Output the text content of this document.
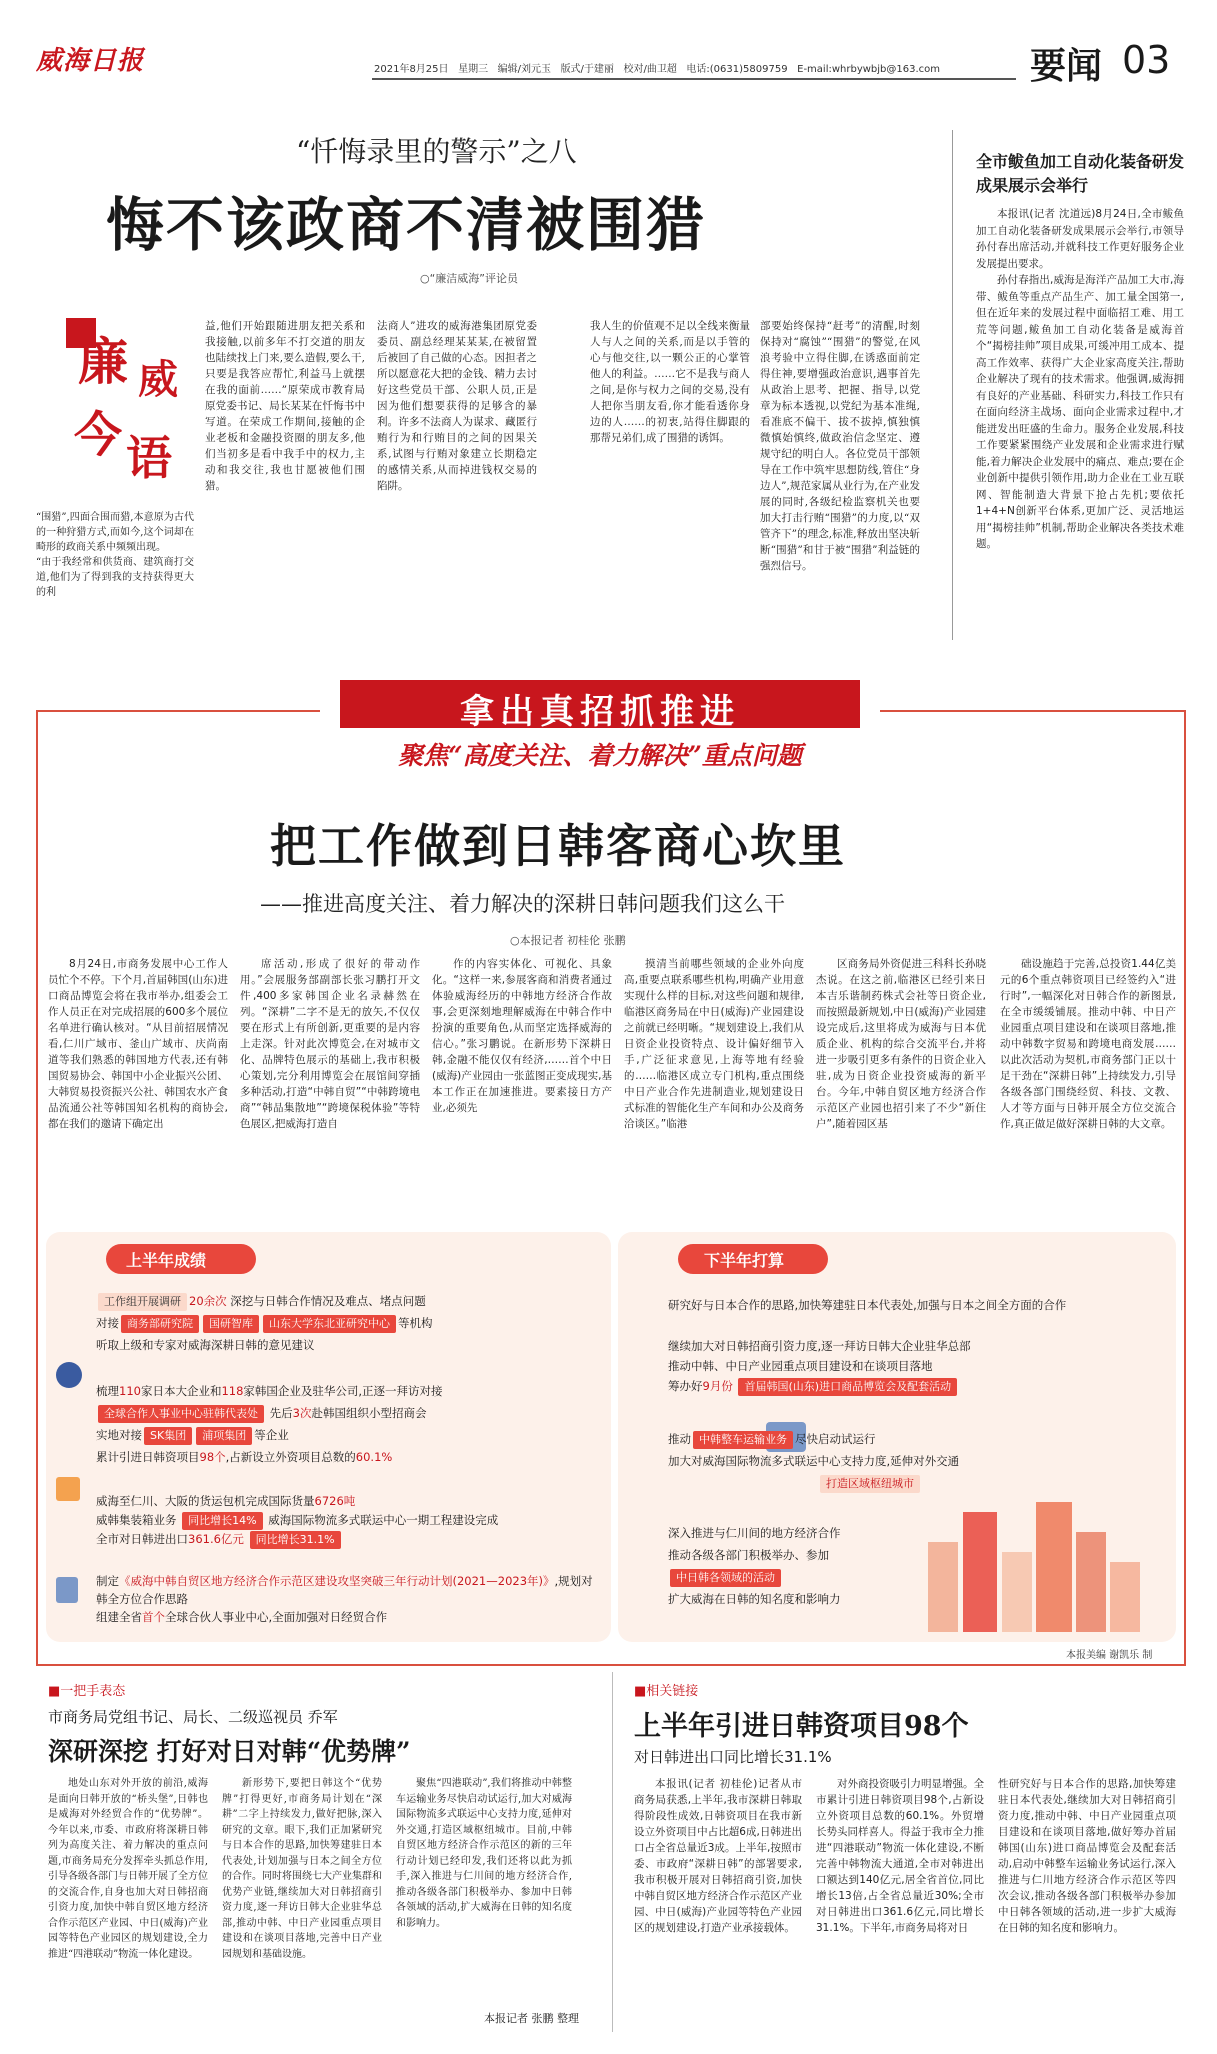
威海日报	2021年8月25日 星期三 编辑/刘元玉 版式/于建丽 校对/曲卫超 电话:(0631)5809759 E-mail:whrbywbjb@163.com 要闻 03
“忏悔录里的警示”之八
悔不该政商不清被围猎
○“廉洁威海”评论员
廉 威
今 语

“围猎”,四面合围而猎,本意原为古代的一种狩猎方式,而如今,这个词却在畸形的政商关系中频频出现。

“由于我经常和供货商、建筑商打交道,他们为了得到我的支持获得更大的利

益,他们开始跟随进朋友把关系和我接触,以前多年不打交道的朋友也陆续找上门来,要么造假,要么干,只要是我答应帮忙,利益马上就摆在我的面前……”原荣成市教育局原党委书记、局长某某在忏悔书中写道。在荣成工作期间,接触的企业老板和金融投资圈的朋友多,他们当初多是看中我手中的权力,主动和我交往,我也甘愿被他们围猎。
法商人”进攻的威海港集团原党委委员、副总经理某某某,在被留置后被回了自己做的心态。因担者之所以愿意花大把的金钱、精力去讨好这些党员干部、公职人员,正是因为他们想要获得的足够含的暴利。许多不法商人为谋求、藏匿行贿行为和行贿目的之间的因果关系,试图与行贿对象建立长期稳定的感情关系,从而掉进钱权交易的陷阱。
我人生的价值观不足以全线来衡量人与人之间的关系,而是以手管的心与他交往,以一颗公正的心掌管他人的利益。……它不是我与商人之间,是你与权力之间的交易,没有人把你当朋友看,你才能看透你身边的人……的初衷,站得住脚跟的那帮兄弟们,成了围猎的诱饵。
部要始终保持“赶考”的清醒,时刻保持对“腐蚀”“围猎”的警觉,在风浪考验中立得住脚,在诱惑面前定得住神,要增强政治意识,遇事首先从政治上思考、把握、指导,以党章为标本透视,以党纪为基本准绳,看准底不偏干、拔不拔掉,慎独慎微慎始慎终,做政治信念坚定、遵规守纪的明白人。各位党员干部领导在工作中筑牢思想防线,管住“身边人”,规范家属从业行为,在产业发展的同时,各级纪检监察机关也要加大打击行贿“围猎”的力度,以“双管齐下”的理念,标准,释放出坚决斩断“围猎”和甘于被“围猎”利益链的强烈信号。
全市鲅鱼加工自动化装备研发成果展示会举行

本报讯(记者 沈道远)8月24日,全市鲅鱼加工自动化装备研发成果展示会举行,市领导孙付春出席活动,并就科技工作更好服务企业发展提出要求。

孙付春指出,威海是海洋产品加工大市,海带、鲅鱼等重点产品生产、加工量全国第一,但在近年来的发展过程中面临招工难、用工荒等问题,鲅鱼加工自动化装备是威海首个“揭榜挂帅”项目成果,可缓冲用工成本、提高工作效率、获得广大企业家高度关注,帮助企业解决了现有的技术需求。他强调,威海拥有良好的产业基础、科研实力,科技工作只有在面向经济主战场、面向企业需求过程中,才能迸发出旺盛的生命力。服务企业发展,科技工作要紧紧围绕产业发展和企业需求进行赋能,着力解决企业发展中的痛点、难点;要在企业创新中提供引领作用,助力企业在工业互联网、智能制造大背景下抢占先机;要依托1+4+N创新平台体系,更加广泛、灵活地运用“揭榜挂帅”机制,帮助企业解决各类技术难题。

拿出真招抓推进
聚焦“高度关注、着力解决”重点问题
把工作做到日韩客商心坎里
——推进高度关注、着力解决的深耕日韩问题我们这么干
○本报记者 初桂伦 张鹏
8月24日,市商务发展中心工作人员忙个不停。下个月,首届韩国(山东)进口商品博览会将在我市举办,组委会工作人员正在对完成招展的600多个展位名单进行确认核对。“从目前招展情况看,仁川广域市、釜山广域市、庆尚南道等我们熟悉的韩国地方代表,还有韩国贸易协会、韩国中小企业振兴公团、大韩贸易投资振兴公社、韩国农水产食品流通公社等韩国知名机构的商协会,都在我们的邀请下确定出
席活动,形成了很好的带动作用。”会展服务部副部长张习鹏打开文件,400多家韩国企业名录赫然在列。“深耕”二字不是无的放矢,不仅仅要在形式上有所创新,更重要的是内容上走深。针对此次博览会,在对城市文化、品牌特色展示的基础上,我市积极心策划,完分利用博览会在展馆间穿插多种活动,打造“中韩自贸”“中韩跨境电商”“韩品集散地”“跨境保税体验”等特色展区,把威海打造自
作的内容实体化、可视化、具象化。“这样一来,参展客商和消费者通过体验威海经历的中韩地方经济合作故事,会更深刻地理解威海在中韩合作中扮演的重要角色,从而坚定选择威海的信心。”张习鹏说。在新形势下深耕日韩,金融不能仅仅有经济,……首个中日(威海)产业园由一张蓝图正变成现实,基本工作正在加速推进。要素接日方产业,必须先
摸清当前哪些领域的企业外向度高,重要点联系哪些机构,明确产业用意实现什么样的目标,对这些问题和规律,临港区商务局在中日(威海)产业园建设之前就已经明晰。“规划建设上,我们从日资企业投资特点、设计偏好细节入手,广泛征求意见,上海等地有经验的……临港区成立专门机构,重点围绕中日产业合作先进制造业,规划建设日式标准的智能化生产车间和办公及商务洽谈区。”临港
区商务局外资促进三科科长孙晓杰说。在这之前,临港区已经引来日本吉乐谐制药株式会社等日资企业,而按照最新规划,中日(威海)产业园建设完成后,这里将成为威海与日本优质企业、机构的综合交流平台,并将进一步吸引更多有条件的日资企业入驻,成为日资企业投资威海的新平台。今年,中韩自贸区地方经济合作示范区产业园也招引来了不少“新住户”,随着园区基
础设施趋于完善,总投资1.44亿美元的6个重点韩资项目已经签约入“进行时”,一幅深化对日韩合作的新图景,在全市缓缓铺展。推动中韩、中日产业园重点项目建设和在谈项目落地,推动中韩数字贸易和跨境电商发展……以此次活动为契机,市商务部门正以十足干劲在“深耕日韩”上持续发力,引导各级各部门围绕经贸、科技、文教、人才等方面与日韩开展全方位交流合作,真正做足做好深耕日韩的大文章。
上半年成绩
工作组开展调研 20余次 深挖与日韩合作情况及难点、堵点问题
对接 商务部研究院 国研智库 山东大学东北亚研究中心 等机构
听取上级和专家对威海深耕日韩的意见建议
梳理110家日本大企业和118家韩国企业及驻华公司,正逐一拜访对接
全球合作人事业中心驻韩代表处 先后3次赴韩国组织小型招商会
实地对接 SK集团 浦项集团 等企业
累计引进日韩资项目98个,占新设立外资项目总数的60.1%
威海至仁川、大阪的货运包机完成国际货量6726吨
威韩集装箱业务 同比增长14% 威海国际物流多式联运中心一期工程建设完成
全市对日韩进出口361.6亿元 同比增长31.1%
制定《威海中韩自贸区地方经济合作示范区建设攻坚突破三年行动计划(2021—2023年)》,规划对韩全方位合作思路
组建全省首个全球合伙人事业中心,全面加强对日经贸合作
下半年打算
研究好与日本合作的思路,加快筹建驻日本代表处,加强与日本之间全方面的合作
继续加大对日韩招商引资力度,逐一拜访日韩大企业驻华总部
推动中韩、中日产业园重点项目建设和在谈项目落地
筹办好9月份 首届韩国(山东)进口商品博览会及配套活动
推动 中韩整车运输业务 尽快启动试运行
加大对威海国际物流多式联运中心支持力度,延伸对外交通
打造区域枢纽城市
深入推进与仁川间的地方经济合作
推动各级各部门积极举办、参加
中日韩各领域的活动
扩大威海在日韩的知名度和影响力
本报美编 谢凯乐 制
■一把手表态
市商务局党组书记、局长、二级巡视员 乔军
深研深挖 打好对日对韩“优势牌”
地处山东对外开放的前沿,威海是面向日韩开放的“桥头堡”,日韩也是威海对外经贸合作的“优势牌”。今年以来,市委、市政府将深耕日韩列为高度关注、着力解决的重点问题,市商务局充分发挥牵头抓总作用,引导各级各部门与日韩开展了全方位的交流合作,自身也加大对日韩招商引资力度,加快中韩自贸区地方经济合作示范区产业园、中日(威海)产业园等特色产业园区的规划建设,全力推进“四港联动”物流一体化建设。
新形势下,要把日韩这个“优势牌”打得更好,市商务局计划在“深耕”二字上持续发力,做好把脉,深入研究的文章。眼下,我们正加紧研究与日本合作的思路,加快筹建驻日本代表处,计划加强与日本之间全方位的合作。同时将围绕七大产业集群和优势产业链,继续加大对日韩招商引资力度,逐一拜访日韩大企业驻华总部,推动中韩、中日产业园重点项目建设和在谈项目落地,完善中日产业园规划和基础设施。
聚焦“四港联动”,我们将推动中韩整车运输业务尽快启动试运行,加大对威海国际物流多式联运中心支持力度,延伸对外交通,打造区域枢纽城市。目前,中韩自贸区地方经济合作示范区的新的三年行动计划已经印发,我们还将以此为抓手,深入推进与仁川间的地方经济合作,推动各级各部门积极举办、参加中日韩各领域的活动,扩大威海在日韩的知名度和影响力。
本报记者 张鹏 整理
■相关链接
上半年引进日韩资项目98个
对日韩进出口同比增长31.1%
本报讯(记者 初桂伦)记者从市商务局获悉,上半年,我市深耕日韩取得阶段性成效,日韩资项目在我市新设立外资项目中占比超6成,日韩进出口占全省总量近3成。上半年,按照市委、市政府“深耕日韩”的部署要求,我市积极开展对日韩招商引资,加快中韩自贸区地方经济合作示范区产业园、中日(威海)产业园等特色产业园区的规划建设,打造产业承接载体。
对外商投资吸引力明显增强。全市累计引进日韩资项目98个,占新设立外资项目总数的60.1%。外贸增长势头同样喜人。得益于我市全力推进“四港联动”物流一体化建设,不断完善中韩物流大通道,全市对韩进出口额达到140亿元,居全省首位,同比增长13倍,占全省总量近30%;全市对日韩进出口361.6亿元,同比增长31.1%。下半年,市商务局将对日
性研究好与日本合作的思路,加快筹建驻日本代表处,继续加大对日韩招商引资力度,推动中韩、中日产业园重点项目建设和在谈项目落地,做好筹办首届韩国(山东)进口商品博览会及配套活动,启动中韩整车运输业务试运行,深入推进与仁川地方经济合作示范区等四次会议,推动各级各部门积极举办参加中日韩各领域的活动,进一步扩大威海在日韩的知名度和影响力。
